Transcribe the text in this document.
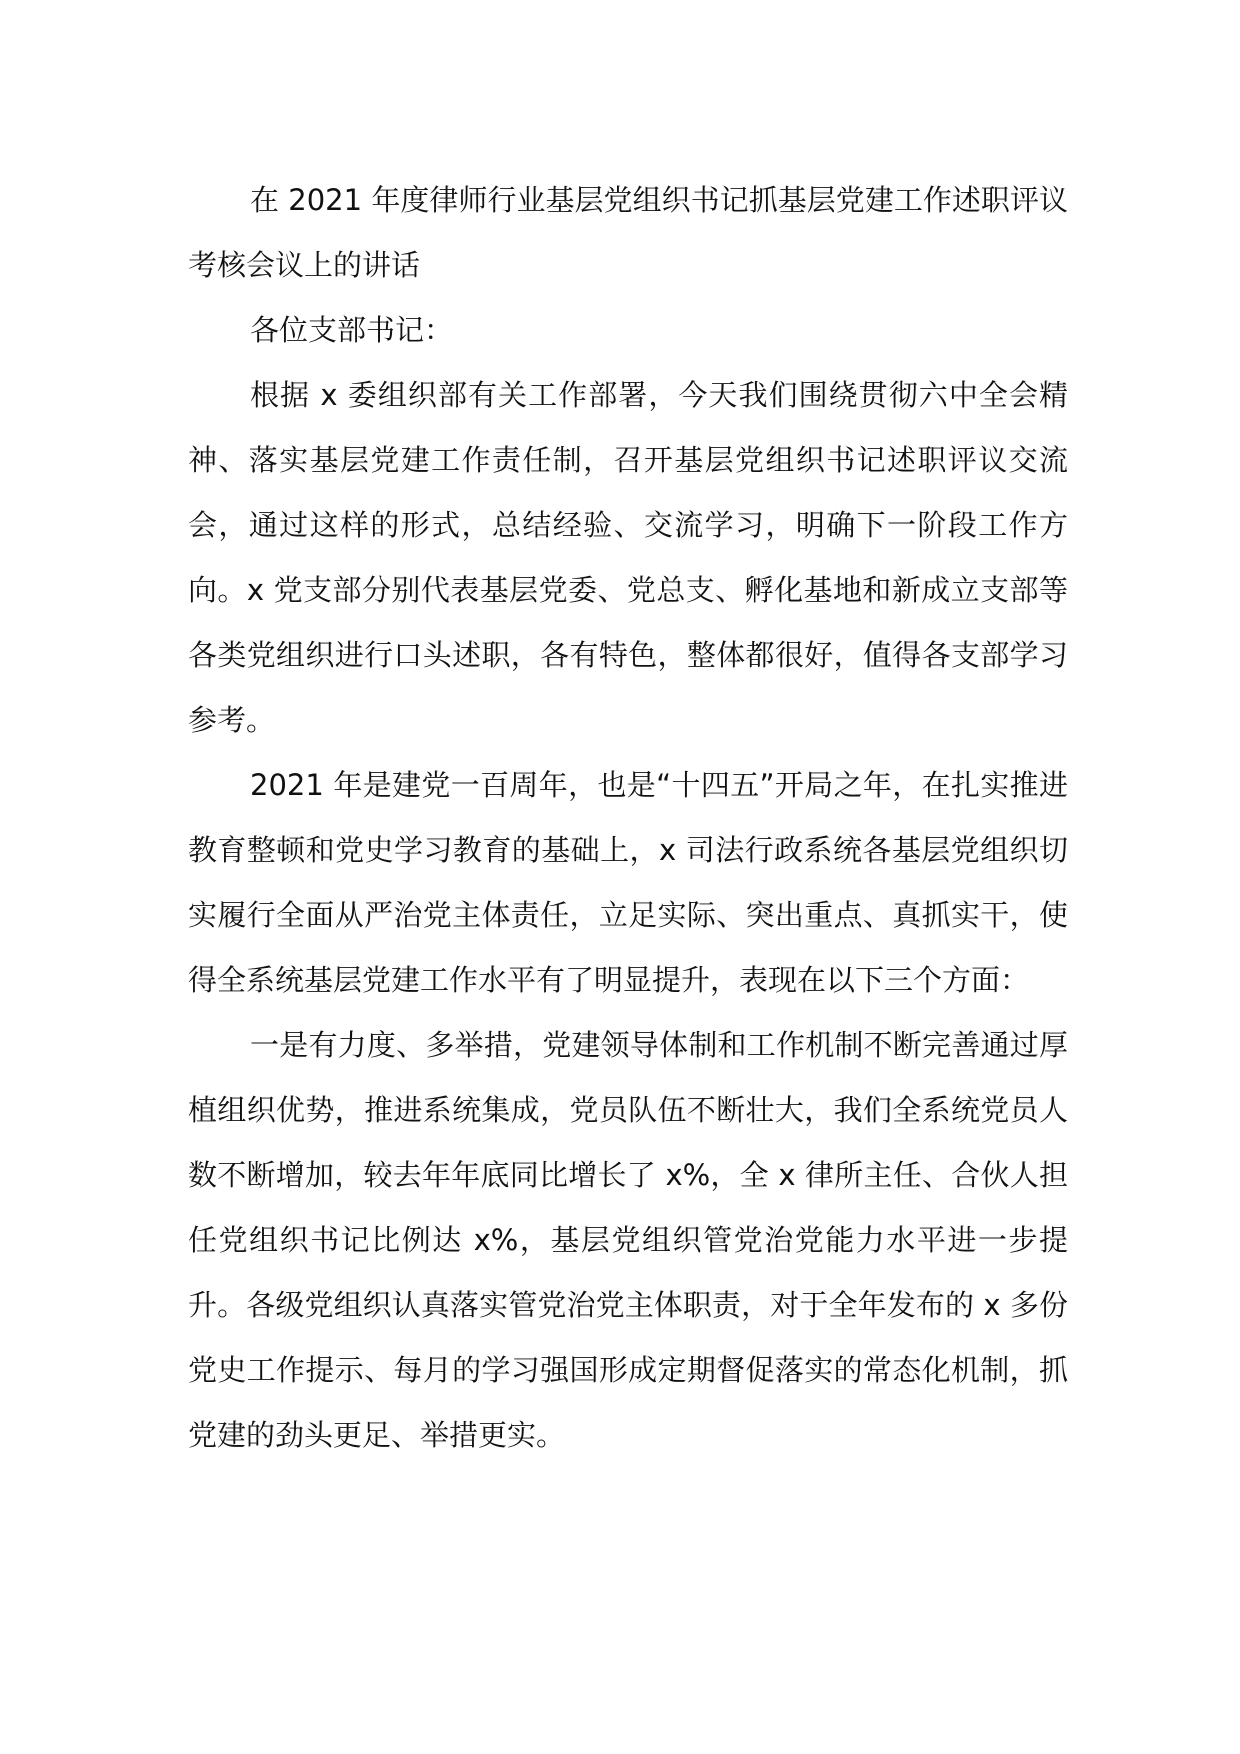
在 2021 年度律师行业基层党组织书记抓基层党建工作述职评议考核会议上的讲话

各位支部书记：

根据 x 委组织部有关工作部署，今天我们围绕贯彻六中全会精神、落实基层党建工作责任制，召开基层党组织书记述职评议交流会，通过这样的形式，总结经验、交流学习，明确下一阶段工作方向。x 党支部分别代表基层党委、党总支、孵化基地和新成立支部等各类党组织进行口头述职，各有特色，整体都很好，值得各支部学习参考。

2021 年是建党一百周年，也是“十四五”开局之年，在扎实推进教育整顿和党史学习教育的基础上，x 司法行政系统各基层党组织切实履行全面从严治党主体责任，立足实际、突出重点、真抓实干，使得全系统基层党建工作水平有了明显提升，表现在以下三个方面：

一是有力度、多举措，党建领导体制和工作机制不断完善通过厚植组织优势，推进系统集成，党员队伍不断壮大，我们全系统党员人数不断增加，较去年年底同比增长了 x%，全 x 律所主任、合伙人担任党组织书记比例达 x%，基层党组织管党治党能力水平进一步提升。各级党组织认真落实管党治党主体职责，对于全年发布的 x 多份党史工作提示、每月的学习强国形成定期督促落实的常态化机制，抓党建的劲头更足、举措更实。
